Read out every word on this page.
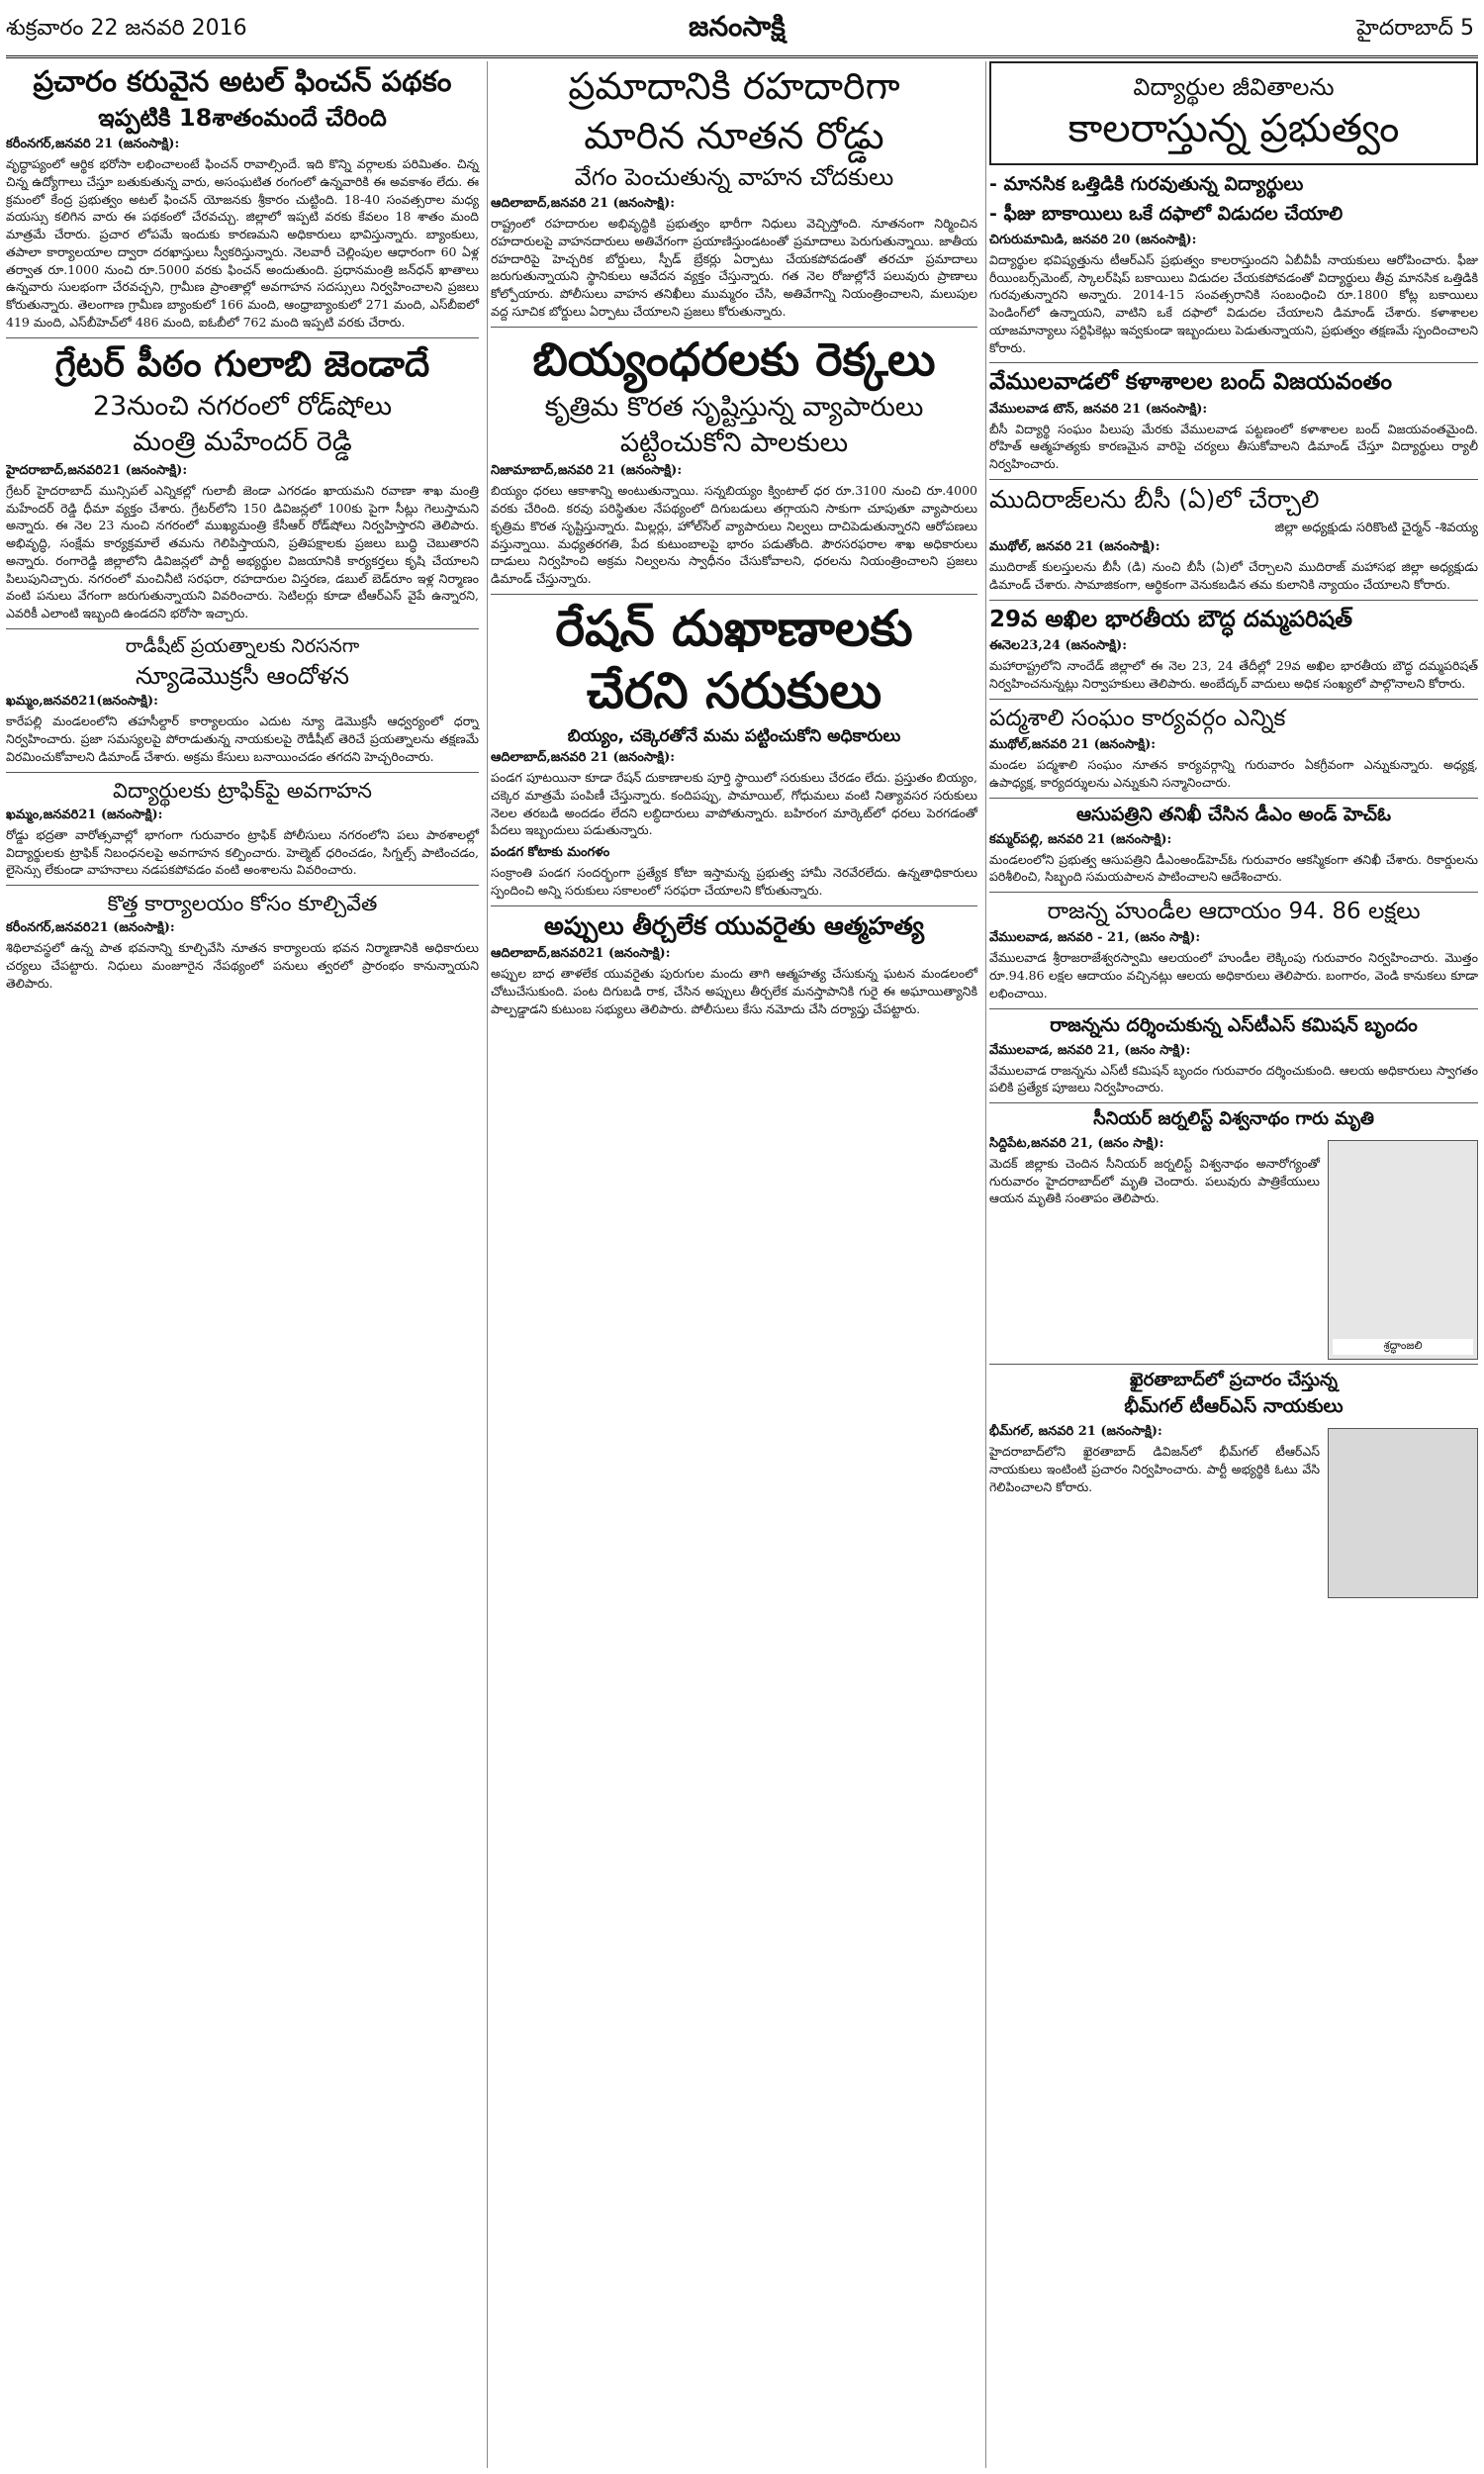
శుక్రవారం 22 జనవరి 2016	జనంసాక్షి	హైదరాబాద్ 5
ప్రచారం కరువైన అటల్ ఫించన్ పథకం
ఇప్పటికి 18శాతంమందే చేరింది
కరీంనగర్,జనవరి 21 (జనంసాక్షి):

వృద్ధాప్యంలో ఆర్థిక భరోసా లభించాలంటే ఫించన్ రావాల్సిందే. ఇది కొన్ని వర్గాలకు పరిమితం. చిన్న చిన్న ఉద్యోగాలు చేస్తూ బతుకుతున్న వారు, అసంఘటిత రంగంలో ఉన్నవారికి ఈ అవకాశం లేదు. ఈ క్రమంలో కేంద్ర ప్రభుత్వం అటల్ ఫించన్ యోజనకు శ్రీకారం చుట్టింది. 18-40 సంవత్సరాల మధ్య వయస్సు కలిగిన వారు ఈ పథకంలో చేరవచ్చు. జిల్లాలో ఇప్పటి వరకు కేవలం 18 శాతం మంది మాత్రమే చేరారు. ప్రచార లోపమే ఇందుకు కారణమని అధికారులు భావిస్తున్నారు. బ్యాంకులు, తపాలా కార్యాలయాల ద్వారా దరఖాస్తులు స్వీకరిస్తున్నారు. నెలవారీ చెల్లింపుల ఆధారంగా 60 ఏళ్ల తర్వాత రూ.1000 నుంచి రూ.5000 వరకు ఫించన్ అందుతుంది. ప్రధానమంత్రి జన్‌ధన్ ఖాతాలు ఉన్నవారు సులభంగా చేరవచ్చని, గ్రామీణ ప్రాంతాల్లో అవగాహన సదస్సులు నిర్వహించాలని ప్రజలు కోరుతున్నారు. తెలంగాణ గ్రామీణ బ్యాంకులో 166 మంది, ఆంధ్రాబ్యాంకులో 271 మంది, ఎస్‌బీఐలో 419 మంది, ఎస్‌బీహెచ్‌లో 486 మంది, ఐఓబీలో 762 మంది ఇప్పటి వరకు చేరారు.

గ్రేటర్ పీఠం గులాబి జెండాదే
23నుంచి నగరంలో రోడ్‌షోలు
మంత్రి మహేందర్ రెడ్డి
హైదరాబాద్,జనవరి21 (జనంసాక్షి):

గ్రేటర్ హైదరాబాద్ మున్సిపల్ ఎన్నికల్లో గులాబీ జెండా ఎగరడం ఖాయమని రవాణా శాఖ మంత్రి మహేందర్ రెడ్డి ధీమా వ్యక్తం చేశారు. గ్రేటర్‌లోని 150 డివిజన్లలో 100కు పైగా సీట్లు గెలుస్తామని అన్నారు. ఈ నెల 23 నుంచి నగరంలో ముఖ్యమంత్రి కేసీఆర్ రోడ్‌షోలు నిర్వహిస్తారని తెలిపారు. అభివృద్ధి, సంక్షేమ కార్యక్రమాలే తమను గెలిపిస్తాయని, ప్రతిపక్షాలకు ప్రజలు బుద్ధి చెబుతారని అన్నారు. రంగారెడ్డి జిల్లాలోని డివిజన్లలో పార్టీ అభ్యర్థుల విజయానికి కార్యకర్తలు కృషి చేయాలని పిలుపునిచ్చారు. నగరంలో మంచినీటి సరఫరా, రహదారుల విస్తరణ, డబుల్ బెడ్‌రూం ఇళ్ల నిర్మాణం వంటి పనులు వేగంగా జరుగుతున్నాయని వివరించారు. సెటిలర్లు కూడా టీఆర్‌ఎస్ వైపే ఉన్నారని, ఎవరికీ ఎలాంటి ఇబ్బంది ఉండదని భరోసా ఇచ్చారు.

రాడీషీట్ ప్రయత్నాలకు నిరసనగా
న్యూడెమొక్రసీ ఆందోళన
ఖమ్మం,జనవరి21(జనంసాక్షి):

కారేపల్లి మండలంలోని తహసీల్దార్ కార్యాలయం ఎదుట న్యూ డెమొక్రసీ ఆధ్వర్యంలో ధర్నా నిర్వహించారు. ప్రజా సమస్యలపై పోరాడుతున్న నాయకులపై రౌడీషీట్ తెరిచే ప్రయత్నాలను తక్షణమే విరమించుకోవాలని డిమాండ్ చేశారు. అక్రమ కేసులు బనాయించడం తగదని హెచ్చరించారు.

విద్యార్థులకు ట్రాఫిక్‌పై అవగాహన
ఖమ్మం,జనవరి21 (జనంసాక్షి):

రోడ్డు భద్రతా వారోత్సవాల్లో భాగంగా గురువారం ట్రాఫిక్ పోలీసులు నగరంలోని పలు పాఠశాలల్లో విద్యార్థులకు ట్రాఫిక్ నిబంధనలపై అవగాహన కల్పించారు. హెల్మెట్ ధరించడం, సిగ్నల్స్ పాటించడం, లైసెన్సు లేకుండా వాహనాలు నడపకపోవడం వంటి అంశాలను వివరించారు.

కొత్త కార్యాలయం కోసం కూల్చివేత
కరీంనగర్,జనవరి21 (జనంసాక్షి):

శిథిలావస్థలో ఉన్న పాత భవనాన్ని కూల్చివేసి నూతన కార్యాలయ భవన నిర్మాణానికి అధికారులు చర్యలు చేపట్టారు. నిధులు మంజూరైన నేపథ్యంలో పనులు త్వరలో ప్రారంభం కానున్నాయని తెలిపారు.

ప్రమాదానికి రహదారిగా
మారిన నూతన రోడ్డు
వేగం పెంచుతున్న వాహన చోదకులు
ఆదిలాబాద్,జనవరి 21 (జనంసాక్షి):

రాష్ట్రంలో రహదారుల అభివృద్ధికి ప్రభుత్వం భారీగా నిధులు వెచ్చిస్తోంది. నూతనంగా నిర్మించిన రహదారులపై వాహనదారులు అతివేగంగా ప్రయాణిస్తుండటంతో ప్రమాదాలు పెరుగుతున్నాయి. జాతీయ రహదారిపై హెచ్చరిక బోర్డులు, స్పీడ్ బ్రేకర్లు ఏర్పాటు చేయకపోవడంతో తరచూ ప్రమాదాలు జరుగుతున్నాయని స్థానికులు ఆవేదన వ్యక్తం చేస్తున్నారు. గత నెల రోజుల్లోనే పలువురు ప్రాణాలు కోల్పోయారు. పోలీసులు వాహన తనిఖీలు ముమ్మరం చేసి, అతివేగాన్ని నియంత్రించాలని, మలుపుల వద్ద సూచిక బోర్డులు ఏర్పాటు చేయాలని ప్రజలు కోరుతున్నారు.

బియ్యంధరలకు రెక్కలు
కృత్రిమ కొరత సృష్టిస్తున్న వ్యాపారులు
పట్టించుకోని పాలకులు
నిజామాబాద్,జనవరి 21 (జనంసాక్షి):

బియ్యం ధరలు ఆకాశాన్ని అంటుతున్నాయి. సన్నబియ్యం క్వింటాల్ ధర రూ.3100 నుంచి రూ.4000 వరకు చేరింది. కరవు పరిస్థితుల నేపథ్యంలో దిగుబడులు తగ్గాయని సాకుగా చూపుతూ వ్యాపారులు కృత్రిమ కొరత సృష్టిస్తున్నారు. మిల్లర్లు, హోల్‌సేల్ వ్యాపారులు నిల్వలు దాచిపెడుతున్నారని ఆరోపణలు వస్తున్నాయి. మధ్యతరగతి, పేద కుటుంబాలపై భారం పడుతోంది. పౌరసరఫరాల శాఖ అధికారులు దాడులు నిర్వహించి అక్రమ నిల్వలను స్వాధీనం చేసుకోవాలని, ధరలను నియంత్రించాలని ప్రజలు డిమాండ్ చేస్తున్నారు.

రేషన్ దుఖాణాలకు
చేరని సరుకులు
బియ్యం, చక్కెరతోనే మమ పట్టించుకోని అధికారులు
ఆదిలాబాద్,జనవరి 21 (జనంసాక్షి):

పండగ పూటయినా కూడా రేషన్ దుకాణాలకు పూర్తి స్థాయిలో సరుకులు చేరడం లేదు. ప్రస్తుతం బియ్యం, చక్కెర మాత్రమే పంపిణీ చేస్తున్నారు. కందిపప్పు, పామాయిల్, గోధుమలు వంటి నిత్యావసర సరుకులు నెలల తరబడి అందడం లేదని లబ్ధిదారులు వాపోతున్నారు. బహిరంగ మార్కెట్‌లో ధరలు పెరగడంతో పేదలు ఇబ్బందులు పడుతున్నారు.

పండగ కోటాకు మంగళం

సంక్రాంతి పండగ సందర్భంగా ప్రత్యేక కోటా ఇస్తామన్న ప్రభుత్వ హామీ నెరవేరలేదు. ఉన్నతాధికారులు స్పందించి అన్ని సరుకులు సకాలంలో సరఫరా చేయాలని కోరుతున్నారు.

అప్పులు తీర్చలేక యువరైతు ఆత్మహత్య
ఆదిలాబాద్,జనవరి21 (జనంసాక్షి):

అప్పుల బాధ తాళలేక యువరైతు పురుగుల మందు తాగి ఆత్మహత్య చేసుకున్న ఘటన మండలంలో చోటుచేసుకుంది. పంట దిగుబడి రాక, చేసిన అప్పులు తీర్చలేక మనస్తాపానికి గురై ఈ అఘాయిత్యానికి పాల్పడ్డాడని కుటుంబ సభ్యులు తెలిపారు. పోలీసులు కేసు నమోదు చేసి దర్యాప్తు చేపట్టారు.

విద్యార్థుల జీవితాలను
కాలరాస్తున్న ప్రభుత్వం
- మానసిక ఒత్తిడికి గురవుతున్న విద్యార్థులు
- ఫీజు బాకాయిలు ఒకే దఫాలో విడుదల చేయాలి
చిగురుమామిడి, జనవరి 20 (జనంసాక్షి):

విద్యార్థుల భవిష్యత్తును టీఆర్‌ఎస్ ప్రభుత్వం కాలరాస్తుందని ఏబీవీపీ నాయకులు ఆరోపించారు. ఫీజు రీయింబర్స్‌మెంట్, స్కాలర్‌షిప్ బకాయిలు విడుదల చేయకపోవడంతో విద్యార్థులు తీవ్ర మానసిక ఒత్తిడికి గురవుతున్నారని అన్నారు. 2014-15 సంవత్సరానికి సంబంధించి రూ.1800 కోట్ల బకాయిలు పెండింగ్‌లో ఉన్నాయని, వాటిని ఒకే దఫాలో విడుదల చేయాలని డిమాండ్ చేశారు. కళాశాలల యాజమాన్యాలు సర్టిఫికెట్లు ఇవ్వకుండా ఇబ్బందులు పెడుతున్నాయని, ప్రభుత్వం తక్షణమే స్పందించాలని కోరారు.

వేములవాడలో కళాశాలల బంద్ విజయవంతం
వేములవాడ టౌన్, జనవరి 21 (జనంసాక్షి):

బీసీ విద్యార్థి సంఘం పిలుపు మేరకు వేములవాడ పట్టణంలో కళాశాలల బంద్ విజయవంతమైంది. రోహిత్ ఆత్మహత్యకు కారణమైన వారిపై చర్యలు తీసుకోవాలని డిమాండ్ చేస్తూ విద్యార్థులు ర్యాలీ నిర్వహించారు.

ముదిరాజ్‌లను బీసీ (ఏ)లో చేర్చాలి
జిల్లా అధ్యక్షుడు సరికొంటి చైర్మన్ -శివయ్య
ముథోల్, జనవరి 21 (జనంసాక్షి):

ముదిరాజ్ కులస్తులను బీసీ (డి) నుంచి బీసీ (ఏ)లో చేర్చాలని ముదిరాజ్ మహాసభ జిల్లా అధ్యక్షుడు డిమాండ్ చేశారు. సామాజికంగా, ఆర్థికంగా వెనుకబడిన తమ కులానికి న్యాయం చేయాలని కోరారు.

29వ అఖిల భారతీయ బౌద్ధ దమ్మపరిషత్
ఈనెల23,24 (జనంసాక్షి):

మహారాష్ట్రలోని నాందేడ్ జిల్లాలో ఈ నెల 23, 24 తేదీల్లో 29వ అఖిల భారతీయ బౌద్ధ దమ్మపరిషత్ నిర్వహించనున్నట్లు నిర్వాహకులు తెలిపారు. అంబేద్కర్ వాదులు అధిక సంఖ్యలో పాల్గొనాలని కోరారు.

పద్మశాలి సంఘం కార్యవర్గం ఎన్నిక
ముథోల్,జనవరి 21 (జనంసాక్షి):

మండల పద్మశాలి సంఘం నూతన కార్యవర్గాన్ని గురువారం ఏకగ్రీవంగా ఎన్నుకున్నారు. అధ్యక్ష, ఉపాధ్యక్ష, కార్యదర్శులను ఎన్నుకుని సన్మానించారు.

ఆసుపత్రిని తనిఖీ చేసిన డీఎం అండ్ హెచ్ఓ
కమ్మర్‌పల్లి, జనవరి 21 (జనంసాక్షి):

మండలంలోని ప్రభుత్వ ఆసుపత్రిని డీఎంఅండ్‌హెచ్‌ఓ గురువారం ఆకస్మికంగా తనిఖీ చేశారు. రికార్డులను పరిశీలించి, సిబ్బంది సమయపాలన పాటించాలని ఆదేశించారు.

రాజన్న హుండీల ఆదాయం 94. 86 లక్షలు
వేములవాడ, జనవరి - 21, (జనం సాక్షి):

వేములవాడ శ్రీరాజరాజేశ్వరస్వామి ఆలయంలో హుండీల లెక్కింపు గురువారం నిర్వహించారు. మొత్తం రూ.94.86 లక్షల ఆదాయం వచ్చినట్లు ఆలయ అధికారులు తెలిపారు. బంగారం, వెండి కానుకలు కూడా లభించాయి.

రాజన్నను దర్శించుకున్న ఎస్‌టీఎస్ కమిషన్ బృందం
వేములవాడ, జనవరి 21, (జనం సాక్షి):

వేములవాడ రాజన్నను ఎస్‌టీ కమిషన్ బృందం గురువారం దర్శించుకుంది. ఆలయ అధికారులు స్వాగతం పలికి ప్రత్యేక పూజలు నిర్వహించారు.

సీనియర్ జర్నలిస్ట్ విశ్వనాథం గారు మృతి
శ్రద్ధాంజలి
సిద్దిపేట,జనవరి 21, (జనం సాక్షి):

మెదక్ జిల్లాకు చెందిన సీనియర్ జర్నలిస్ట్ విశ్వనాథం అనారోగ్యంతో గురువారం హైదరాబాద్‌లో మృతి చెందారు. పలువురు పాత్రికేయులు ఆయన మృతికి సంతాపం తెలిపారు.

ఖైరతాబాద్‌లో ప్రచారం చేస్తున్న
భీమ్‌గల్ టీఆర్‌ఎస్ నాయకులు
భీమ్‌గల్, జనవరి 21 (జనంసాక్షి):

హైదరాబాద్‌లోని ఖైరతాబాద్ డివిజన్‌లో భీమ్‌గల్ టీఆర్‌ఎస్ నాయకులు ఇంటింటి ప్రచారం నిర్వహించారు. పార్టీ అభ్యర్థికి ఓటు వేసి గెలిపించాలని కోరారు.
